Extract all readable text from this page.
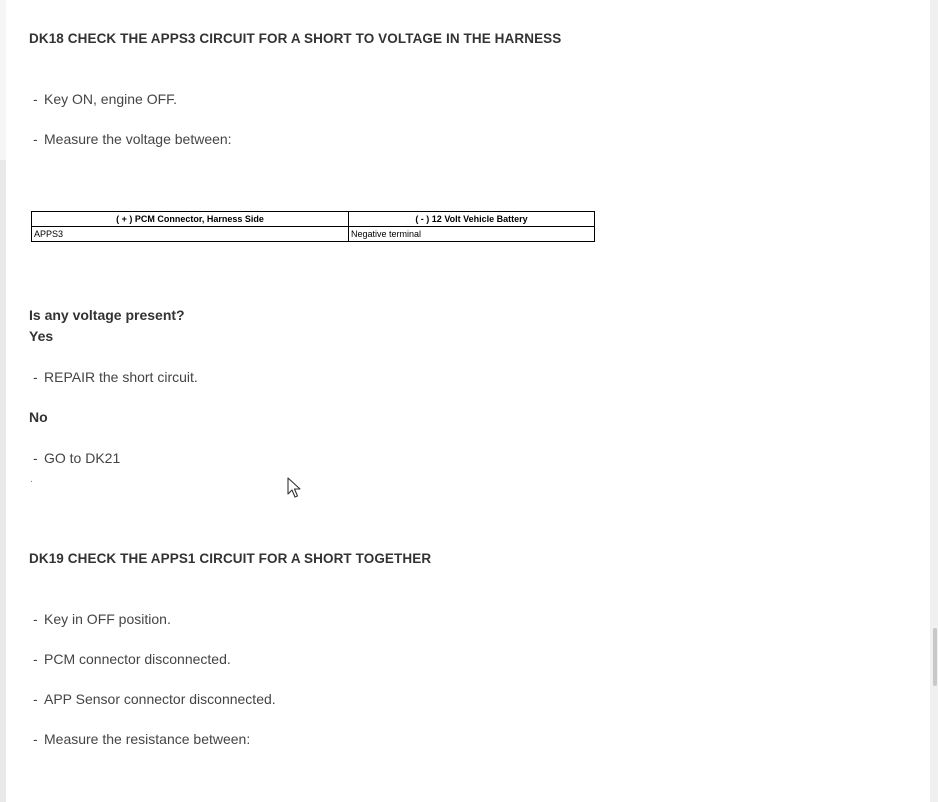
DK18 CHECK THE APPS3 CIRCUIT FOR A SHORT TO VOLTAGE IN THE HARNESS
- Key ON, engine OFF.
- Measure the voltage between:
( + ) PCM Connector, Harness Side	( - ) 12 Volt Vehicle Battery
APPS3	Negative terminal
Is any voltage present?
Yes
- REPAIR the short circuit.
No
- GO to DK21
.
DK19 CHECK THE APPS1 CIRCUIT FOR A SHORT TOGETHER
- Key in OFF position.
- PCM connector disconnected.
- APP Sensor connector disconnected.
- Measure the resistance between:
